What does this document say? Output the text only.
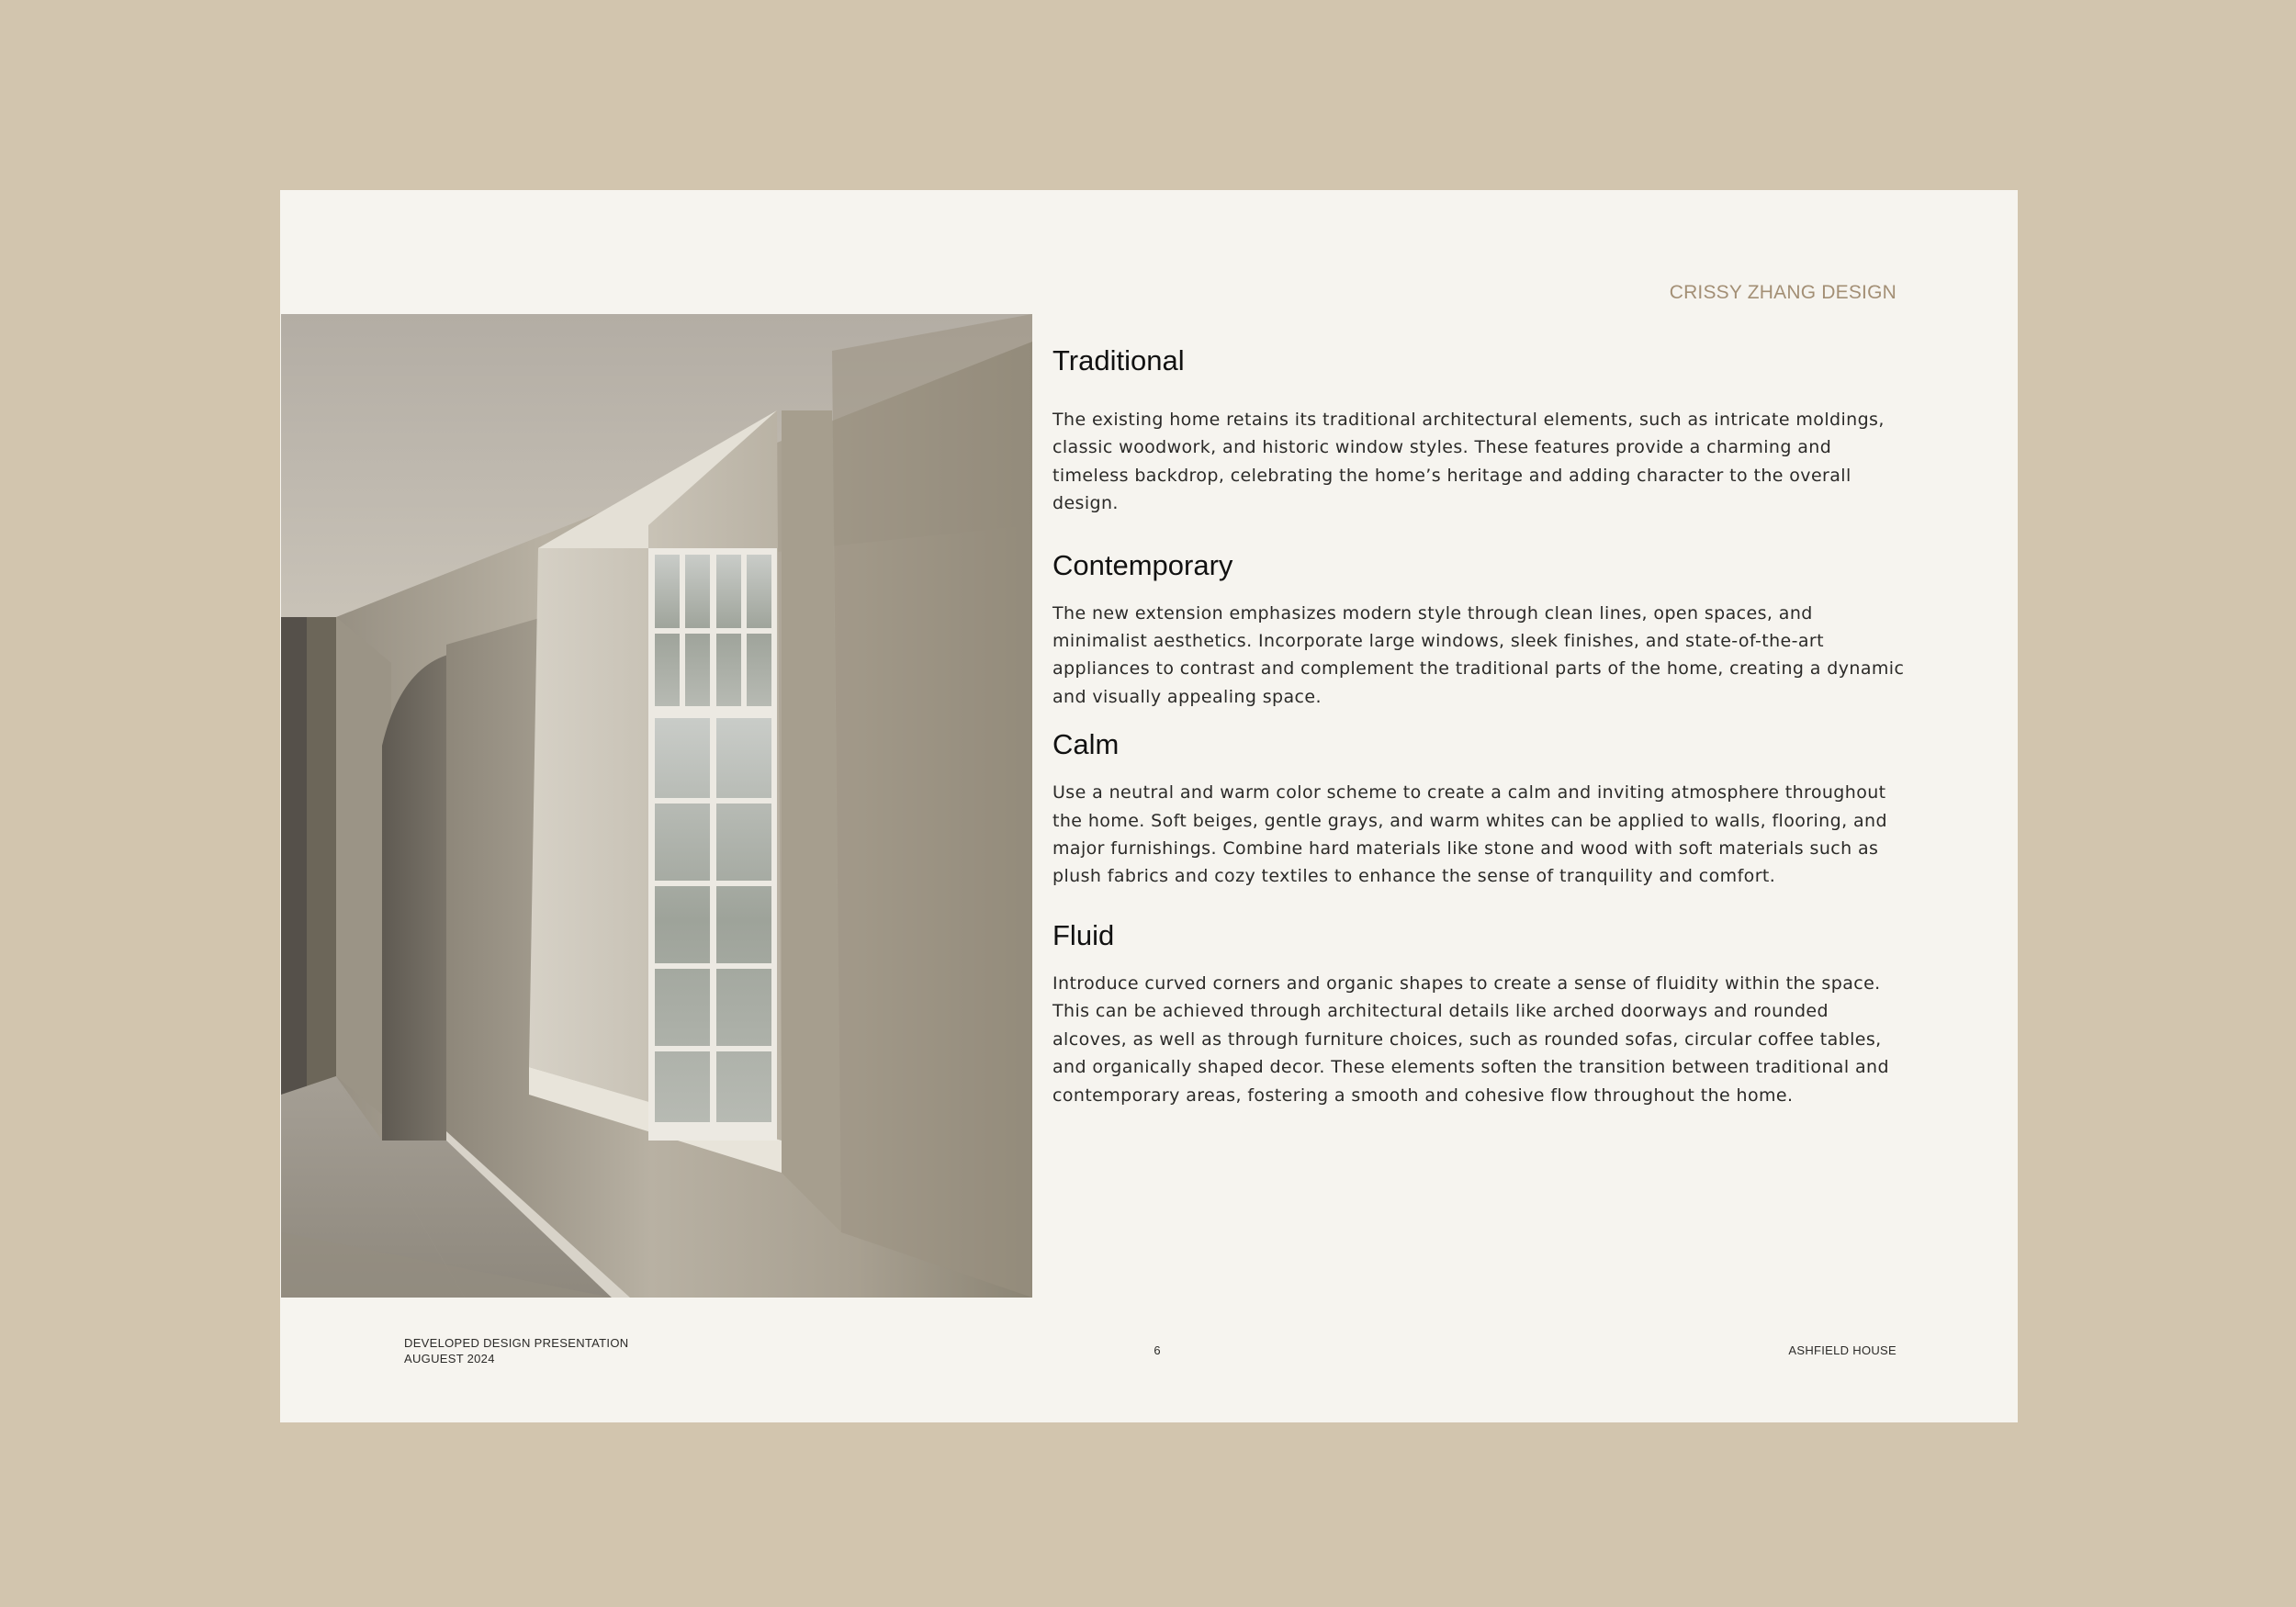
CRISSY ZHANG DESIGN
Traditional

The existing home retains its traditional architectural elements, such as intricate moldings, classic woodwork, and historic window styles. These features provide a charming and timeless backdrop, celebrating the home’s heritage and adding character to the overall design.

Contemporary

The new extension emphasizes modern style through clean lines, open spaces, and minimalist aesthetics. Incorporate large windows, sleek finishes, and state-of-the-art appliances to contrast and complement the traditional parts of the home, creating a dynamic and visually appealing space.

Calm

Use a neutral and warm color scheme to create a calm and inviting atmosphere throughout the home. Soft beiges, gentle grays, and warm whites can be applied to walls, flooring, and major furnishings. Combine hard materials like stone and wood with soft materials such as plush fabrics and cozy textiles to enhance the sense of tranquility and comfort.

Fluid

Introduce curved corners and organic shapes to create a sense of fluidity within the space. This can be achieved through architectural details like arched doorways and rounded alcoves, as well as through furniture choices, such as rounded sofas, circular coffee tables, and organically shaped decor. These elements soften the transition between traditional and contemporary areas, fostering a smooth and cohesive flow throughout the home.

DEVELOPED DESIGN PRESENTATION
AUGUEST 2024
6	ASHFIELD HOUSE
